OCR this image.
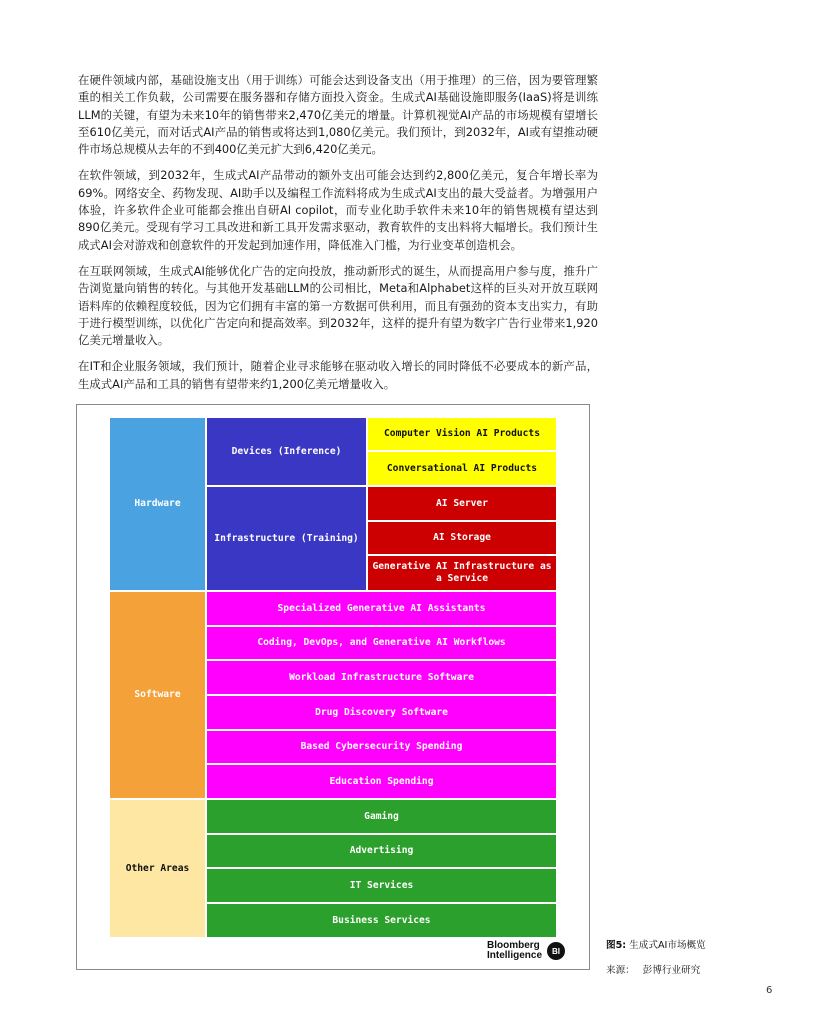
在硬件领域内部，基础设施支出（用于训练）可能会达到设备支出（用于推理）的三倍，因为要管理繁重的相关工作负载，公司需要在服务器和存储方面投入资金。生成式AI基础设施即服务(IaaS)将是训练LLM的关键，有望为未来10年的销售带来2,470亿美元的增量。计算机视觉AI产品的市场规模有望增长至610亿美元，而对话式AI产品的销售或将达到1,080亿美元。我们预计，到2032年，AI或有望推动硬件市场总规模从去年的不到400亿美元扩大到6,420亿美元。

在软件领域，到2032年，生成式AI产品带动的额外支出可能会达到约2,800亿美元，复合年增长率为69%。网络安全、药物发现、AI助手以及编程工作流料将成为生成式AI支出的最大受益者。为增强用户体验，许多软件企业可能都会推出自研AI copilot，而专业化助手软件未来10年的销售规模有望达到890亿美元。受现有学习工具改进和新工具开发需求驱动，教育软件的支出料将大幅增长。我们预计生成式AI会对游戏和创意软件的开发起到加速作用，降低准入门槛，为行业变革创造机会。

在互联网领域，生成式AI能够优化广告的定向投放，推动新形式的诞生，从而提高用户参与度，推升广告浏览量向销售的转化。与其他开发基础LLM的公司相比，Meta和Alphabet这样的巨头对开放互联网语料库的依赖程度较低，因为它们拥有丰富的第一方数据可供利用，而且有强劲的资本支出实力，有助于进行模型训练，以优化广告定向和提高效率。到2032年，这样的提升有望为数字广告行业带来1,920亿美元增量收入。

在IT和企业服务领域，我们预计，随着企业寻求能够在驱动收入增长的同时降低不必要成本的新产品，生成式AI产品和工具的销售有望带来约1,200亿美元增量收入。

Hardware
Software
Other Areas
Devices (Inference)
Infrastructure (Training)
Computer Vision AI Products
Conversational AI Products
AI Server
AI Storage
Generative AI Infrastructure as a Service
Specialized Generative AI Assistants
Coding, DevOps, and Generative AI Workflows
Workload Infrastructure Software
Drug Discovery Software
Based Cybersecurity Spending
Education Spending
Gaming
Advertising
IT Services
Business Services
Bloomberg
Intelligence	BI	图5: 生成式AI市场概览
来源： 彭博行业研究
6
